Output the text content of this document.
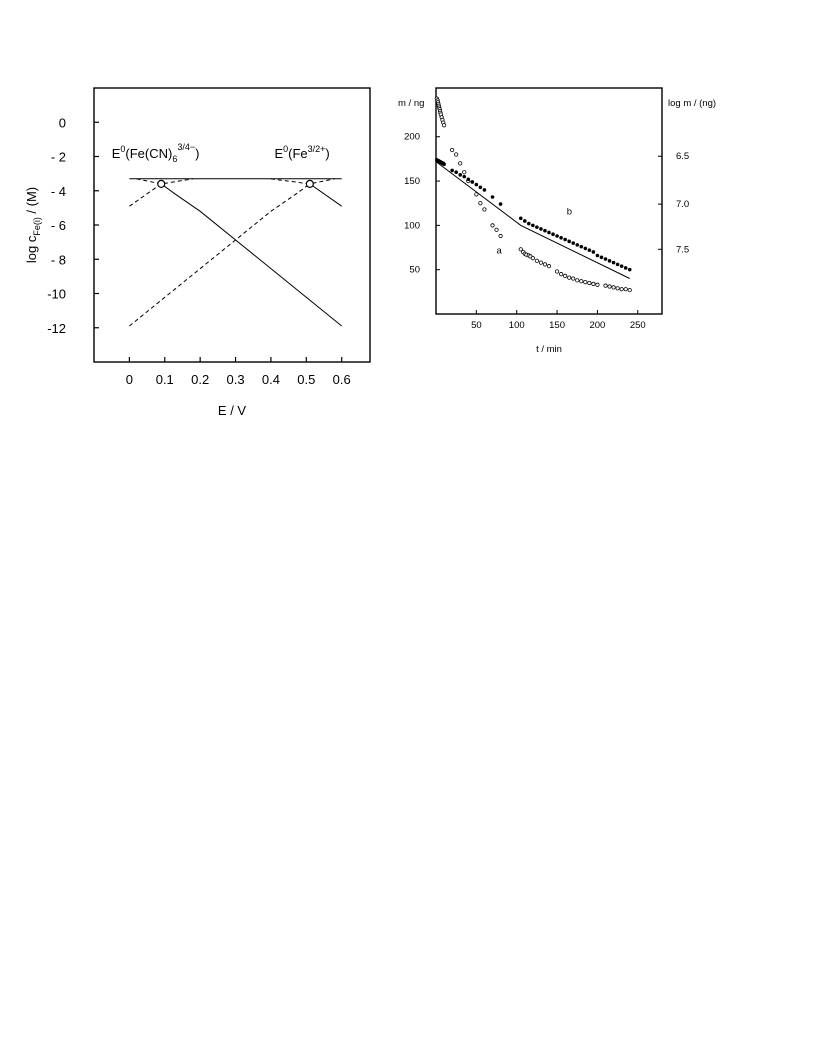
0
- 2
- 4
- 6
- 8
-10
-12
0 0.1 0.2 0.3 0.4 0.5 0.6
E / V
$\log c_{Fe(i)} / (M)$
$E^0(Fe(CN)_6^{3/4-})$	$E^0(Fe^{3/2+})$
50
100
150
200
6.5
7.0
7.5
50	100	150	200	250
t / min
m / ng	log m / (ng)
b
a
